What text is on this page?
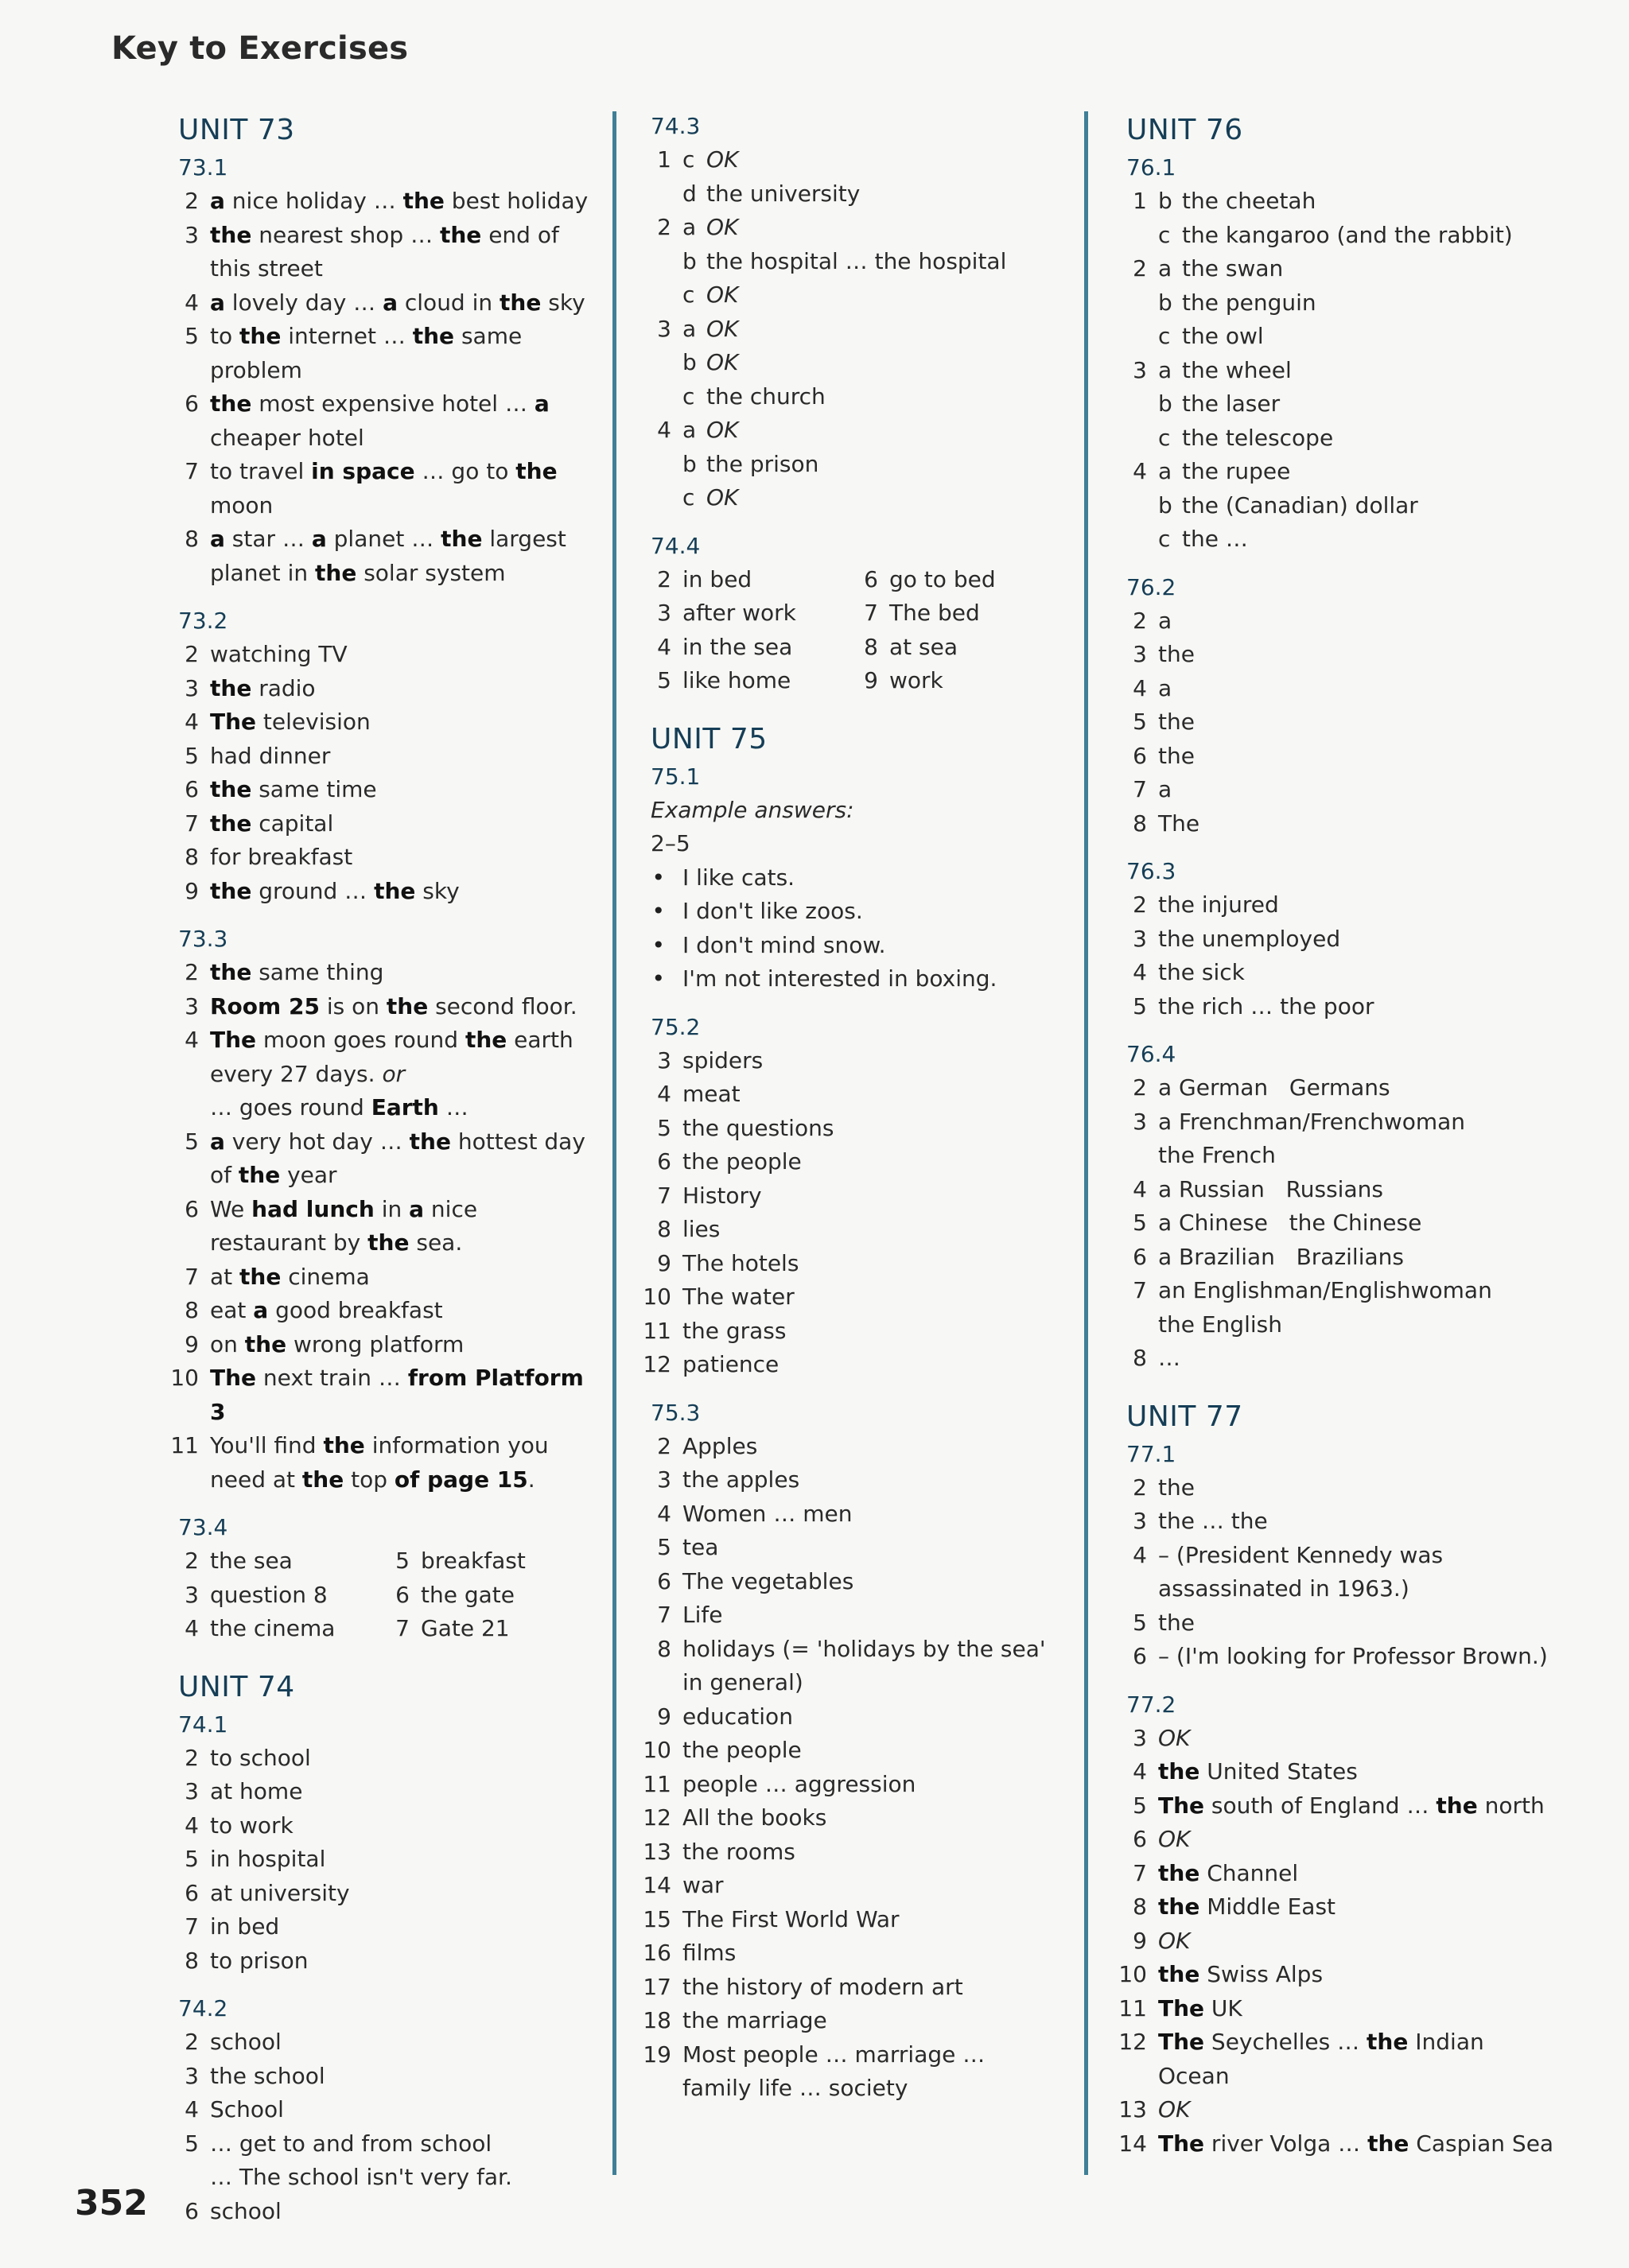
Key to Exercises
UNIT 73
73.1
2 a nice holiday … the best holiday
3 the nearest shop … the end of this street
4 a lovely day … a cloud in the sky
5 to the internet … the same problem
6 the most expensive hotel … a cheaper hotel
7 to travel in space … go to the moon
8 a star … a planet … the largest planet in the solar system
73.2
2 watching TV
3 the radio
4 The television
5 had dinner
6 the same time
7 the capital
8 for breakfast
9 the ground … the sky
73.3
2 the same thing
3 Room 25 is on the second floor.
4 The moon goes round the earth every 27 days. or
… goes round Earth …
5 a very hot day … the hottest day of the year
6 We had lunch in a nice restaurant by the sea.
7 at the cinema
8 eat a good breakfast
9 on the wrong platform
10 The next train … from Platform 3
11 You'll find the information you need at the top of page 15.
73.4
2 the sea	5 breakfast
3 question 8	6 the gate
4 the cinema	7 Gate 21
UNIT 74
74.1
2 to school
3 at home
4 to work
5 in hospital
6 at university
7 in bed
8 to prison
74.2
2 school
3 the school
4 School
5 … get to and from school
… The school isn't very far.
6 school
74.3
1 c OK
d the university
2 a OK
b the hospital … the hospital
c OK
3 a OK
b OK
c the church
4 a OK
b the prison
c OK
74.4
2 in bed	6 go to bed
3 after work	7 The bed
4 in the sea	8 at sea
5 like home	9 work
UNIT 75
75.1
Example answers:
2–5
• I like cats.
• I don't like zoos.
• I don't mind snow.
• I'm not interested in boxing.
75.2
3 spiders
4 meat
5 the questions
6 the people
7 History
8 lies
9 The hotels
10 The water
11 the grass
12 patience
75.3
2 Apples
3 the apples
4 Women … men
5 tea
6 The vegetables
7 Life
8 holidays (= 'holidays by the sea' in general)
9 education
10 the people
11 people … aggression
12 All the books
13 the rooms
14 war
15 The First World War
16 films
17 the history of modern art
18 the marriage
19 Most people … marriage … family life … society
UNIT 76
76.1
1 b the cheetah
c the kangaroo (and the rabbit)
2 a the swan
b the penguin
c the owl
3 a the wheel
b the laser
c the telescope
4 a the rupee
b the (Canadian) dollar
c the …
76.2
2 a
3 the
4 a
5 the
6 the
7 a
8 The
76.3
2 the injured
3 the unemployed
4 the sick
5 the rich … the poor
76.4
2 a German   Germans
3 a Frenchman/Frenchwoman
the French
4 a Russian   Russians
5 a Chinese   the Chinese
6 a Brazilian   Brazilians
7 an Englishman/Englishwoman
the English
8 …
UNIT 77
77.1
2 the
3 the … the
4 – (President Kennedy was assassinated in 1963.)
5 the
6 – (I'm looking for Professor Brown.)
77.2
3 OK
4 the United States
5 The south of England … the north
6 OK
7 the Channel
8 the Middle East
9 OK
10 the Swiss Alps
11 The UK
12 The Seychelles … the Indian Ocean
13 OK
14 The river Volga … the Caspian Sea
352
